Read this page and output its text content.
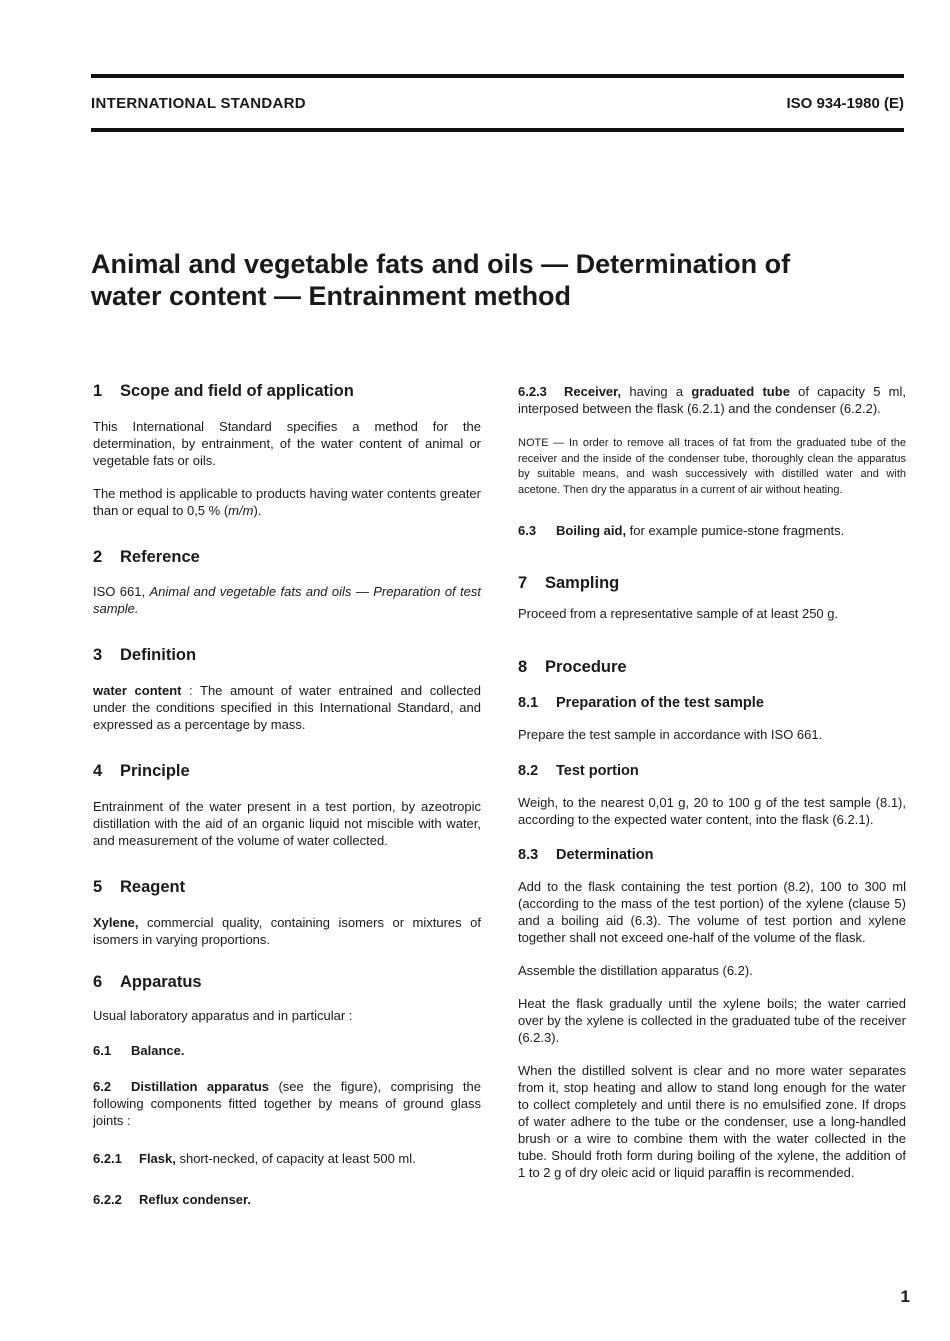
INTERNATIONAL STANDARD	ISO 934-1980 (E)
Animal and vegetable fats and oils — Determination of
water content — Entrainment method
1 Scope and field of application

This International Standard specifies a method for the determination, by entrainment, of the water content of animal or vegetable fats or oils.

The method is applicable to products having water contents greater than or equal to 0,5 % (m/m).

2 Reference

ISO 661, Animal and vegetable fats and oils — Preparation of test sample.

3 Definition

water content : The amount of water entrained and collected under the conditions specified in this International Standard, and expressed as a percentage by mass.

4 Principle

Entrainment of the water present in a test portion, by azeotropic distillation with the aid of an organic liquid not miscible with water, and measurement of the volume of water collected.

5 Reagent

Xylene, commercial quality, containing isomers or mixtures of isomers in varying proportions.

6 Apparatus

Usual laboratory apparatus and in particular :

6.1 Balance.

6.2 Distillation apparatus (see the figure), comprising the following components fitted together by means of ground glass joints :

6.2.1 Flask, short-necked, of capacity at least 500 ml.

6.2.2 Reflux condenser.

6.2.3 Receiver, having a graduated tube of capacity 5 ml, interposed between the flask (6.2.1) and the condenser (6.2.2).

NOTE — In order to remove all traces of fat from the graduated tube of the receiver and the inside of the condenser tube, thoroughly clean the apparatus by suitable means, and wash successively with distilled water and with acetone. Then dry the apparatus in a current of air without heating.

6.3 Boiling aid, for example pumice-stone fragments.

7 Sampling

Proceed from a representative sample of at least 250 g.

8 Procedure
8.1 Preparation of the test sample

Prepare the test sample in accordance with ISO 661.

8.2 Test portion

Weigh, to the nearest 0,01 g, 20 to 100 g of the test sample (8.1), according to the expected water content, into the flask (6.2.1).

8.3 Determination

Add to the flask containing the test portion (8.2), 100 to 300 ml (according to the mass of the test portion) of the xylene (clause 5) and a boiling aid (6.3). The volume of test portion and xylene together shall not exceed one-half of the volume of the flask.

Assemble the distillation apparatus (6.2).

Heat the flask gradually until the xylene boils; the water carried over by the xylene is collected in the graduated tube of the receiver (6.2.3).

When the distilled solvent is clear and no more water separates from it, stop heating and allow to stand long enough for the water to collect completely and until there is no emulsified zone. If drops of water adhere to the tube or the condenser, use a long-handled brush or a wire to combine them with the water collected in the tube. Should froth form during boiling of the xylene, the addition of 1 to 2 g of dry oleic acid or liquid paraffin is recommended.

1
